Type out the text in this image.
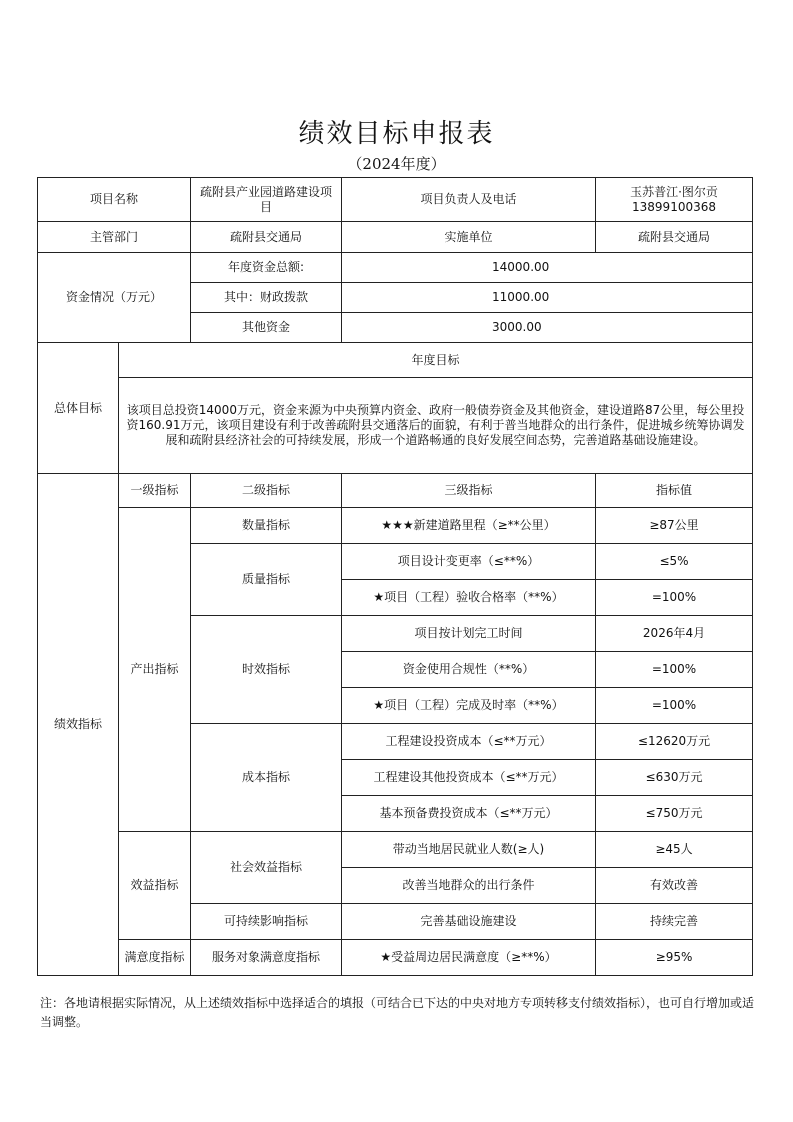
绩效目标申报表
（2024年度）
项目名称		疏附县产业园道路建设项目	项目负责人及电话	玉苏普江·图尔贡
13899100368

主管部门		疏附县交通局	实施单位	疏附县交通局
资金情况（万元）		年度资金总额:	14000.00	
		其中：财政拨款	11000.00	
		其他资金	3000.00	
总体目标	年度目标			
	该项目总投资14000万元，资金来源为中央预算内资金、政府一般债券资金及其他资金，建设道路87公里，每公里投资160.91万元，该项目建设有利于改善疏附县交通落后的面貌，有利于普当地群众的出行条件，促进城乡统筹协调发展和疏附县经济社会的可持续发展，形成一个道路畅通的良好发展空间态势，完善道路基础设施建设。			
绩效指标	一级指标	二级指标	三级指标	指标值
	产出指标	数量指标	★★★新建道路里程（≥**公里）	≥87公里
		质量指标	项目设计变更率（≤**%）	≤5%
			★项目（工程）验收合格率（**%）	=100%
		时效指标	项目按计划完工时间	2026年4月
			资金使用合规性（**%）	=100%
			★项目（工程）完成及时率（**%）	=100%
		成本指标	工程建设投资成本（≤**万元）	≤12620万元
			工程建设其他投资成本（≤**万元）	≤630万元
			基本预备费投资成本（≤**万元）	≤750万元
	效益指标	社会效益指标	带动当地居民就业人数(≥人)	≥45人
			改善当地群众的出行条件	有效改善
		可持续影响指标	完善基础设施建设	持续完善
	满意度指标	服务对象满意度指标	★受益周边居民满意度（≥**%）	≥95%
注：各地请根据实际情况，从上述绩效指标中选择适合的填报（可结合已下达的中央对地方专项转移支付绩效指标），也可自行增加或适当调整。
